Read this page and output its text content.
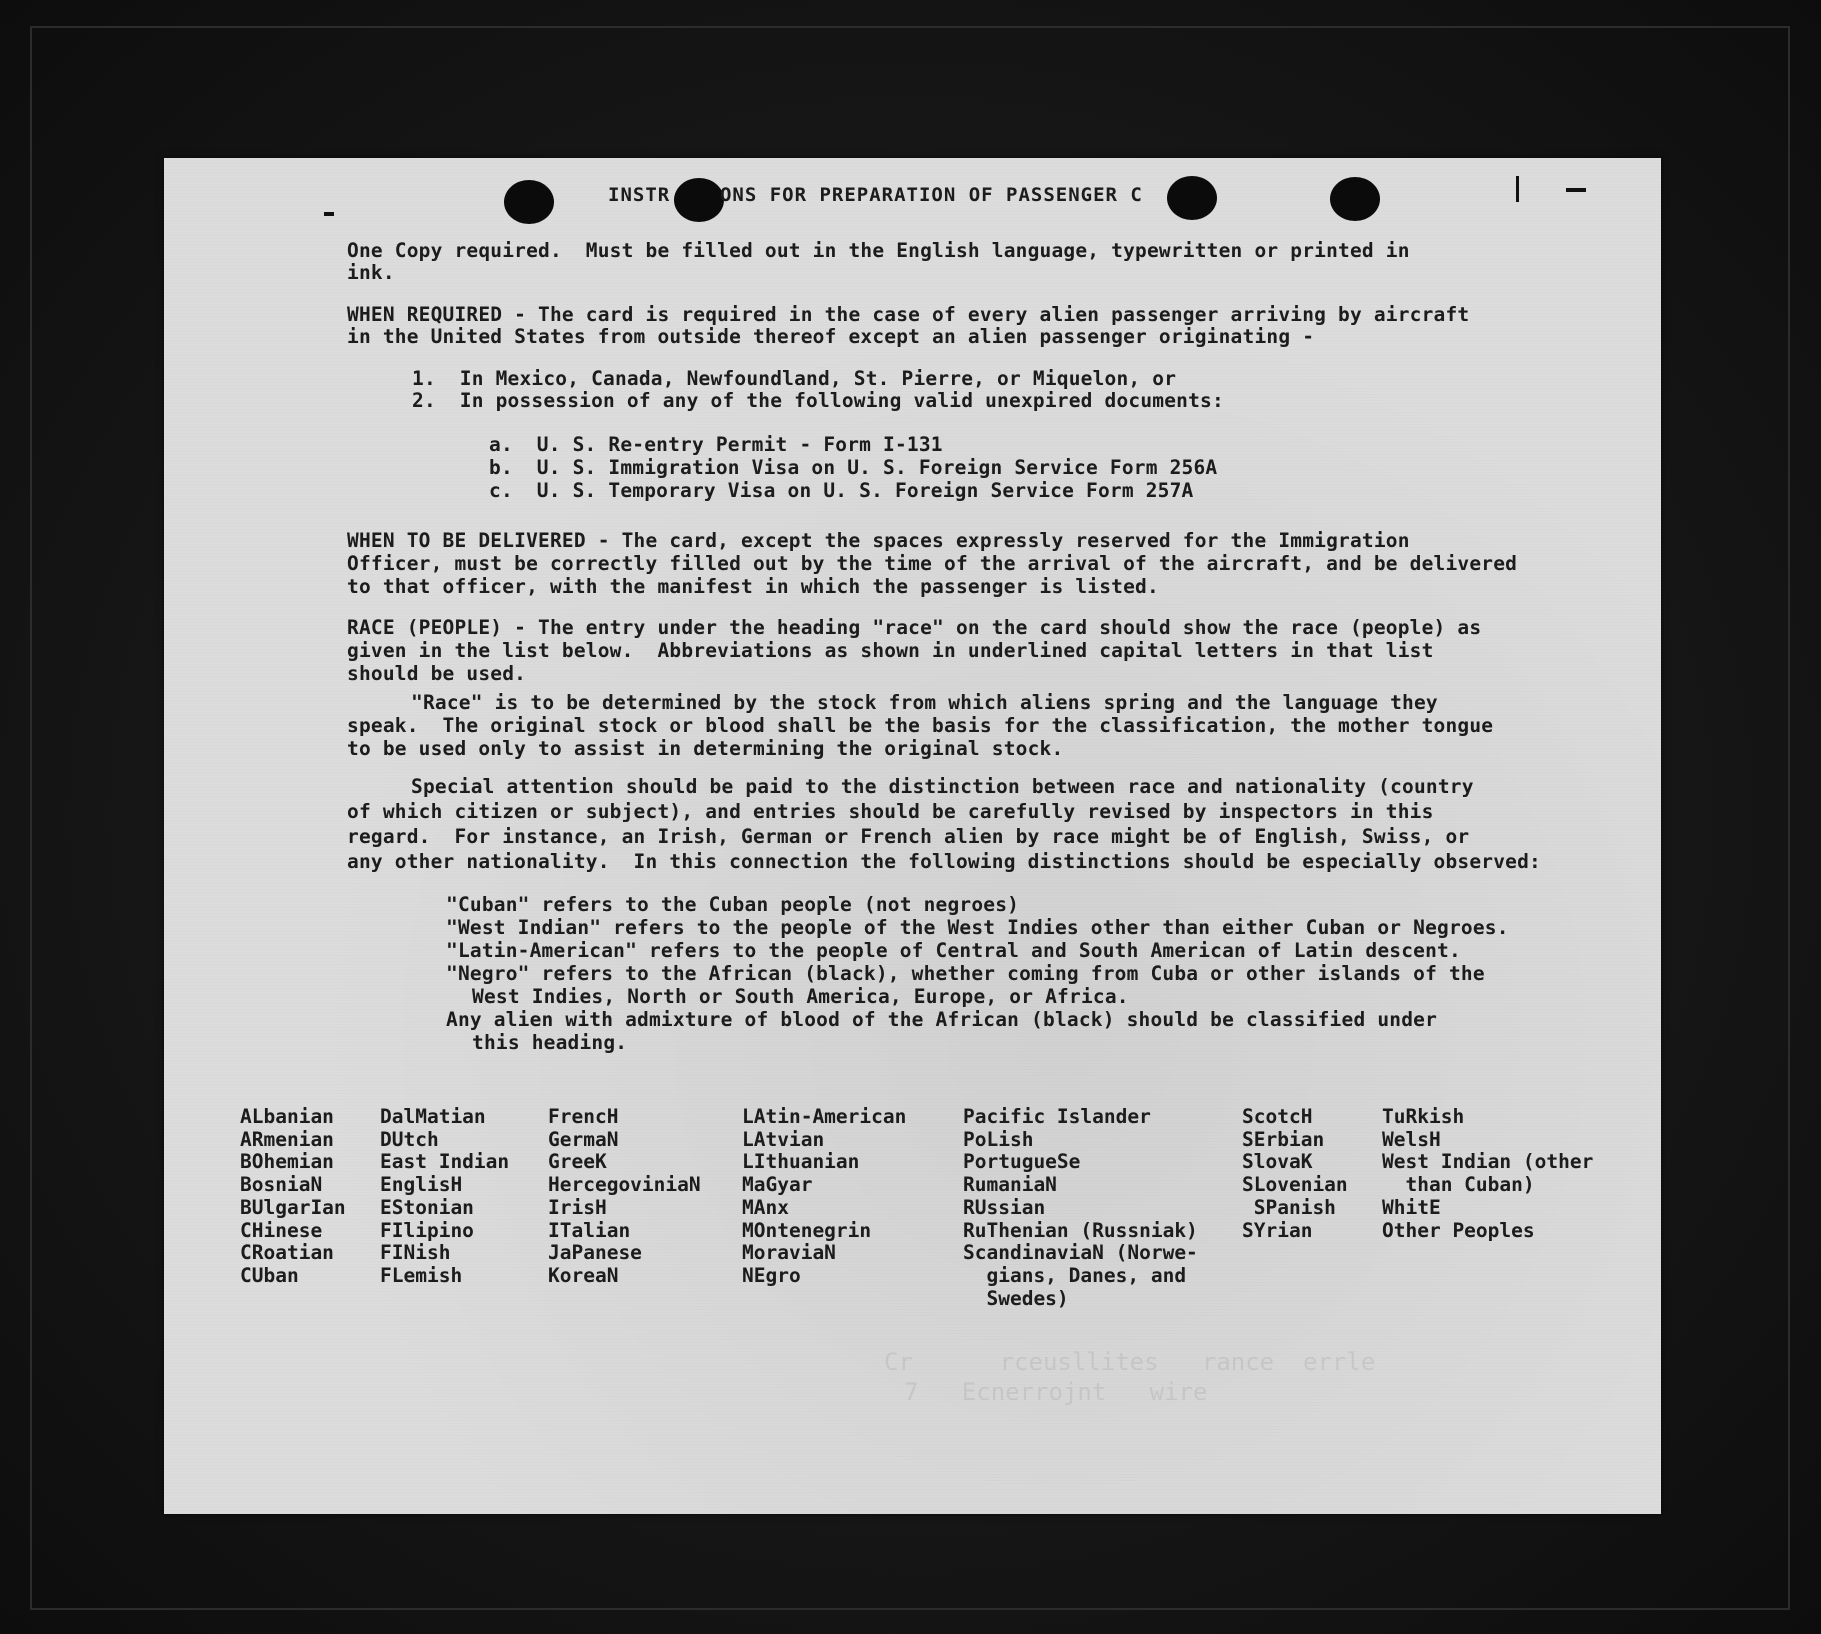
Cr      rceusllites   rance  errle
7   Ecnerrojnt   wire
INSTR    ONS FOR PREPARATION OF PASSENGER C
One Copy required.  Must be filled out in the English language, typewritten or printed in
ink.
WHEN REQUIRED - The card is required in the case of every alien passenger arriving by aircraft
in the United States from outside thereof except an alien passenger originating -
1.  In Mexico, Canada, Newfoundland, St. Pierre, or Miquelon, or
2.  In possession of any of the following valid unexpired documents:
a.  U. S. Re-entry Permit - Form I-131
b.  U. S. Immigration Visa on U. S. Foreign Service Form 256A
c.  U. S. Temporary Visa on U. S. Foreign Service Form 257A
WHEN TO BE DELIVERED - The card, except the spaces expressly reserved for the Immigration
Officer, must be correctly filled out by the time of the arrival of the aircraft, and be delivered
to that officer, with the manifest in which the passenger is listed.
RACE (PEOPLE) - The entry under the heading "race" on the card should show the race (people) as
given in the list below.  Abbreviations as shown in underlined capital letters in that list
should be used.
"Race" is to be determined by the stock from which aliens spring and the language they
speak.  The original stock or blood shall be the basis for the classification, the mother tongue
to be used only to assist in determining the original stock.
Special attention should be paid to the distinction between race and nationality (country
of which citizen or subject), and entries should be carefully revised by inspectors in this
regard.  For instance, an Irish, German or French alien by race might be of English, Swiss, or
any other nationality.  In this connection the following distinctions should be especially observed:
"Cuban" refers to the Cuban people (not negroes)
"West Indian" refers to the people of the West Indies other than either Cuban or Negroes.
"Latin-American" refers to the people of Central and South American of Latin descent.
"Negro" refers to the African (black), whether coming from Cuba or other islands of the
West Indies, North or South America, Europe, or Africa.
Any alien with admixture of blood of the African (black) should be classified under
this heading.
ALbanian
ARmenian
BOhemian
BosniaN
BUlgarIan
CHinese
CRoatian
CUban
DalMatian
DUtch
East Indian
EnglisH
EStonian
FIlipino
FINish
FLemish
FrencH
GermaN
GreeK
HercegoviniaN
IrisH
ITalian
JaPanese
KoreaN
LAtin-American
LAtvian
LIthuanian
MaGyar
MAnx
MOntenegrin
MoraviaN
NEgro
Pacific Islander
PoLish
PortugueSe
RumaniaN
RUssian
RuThenian (Russniak)
ScandinaviaN (Norwe-
gians, Danes, and
Swedes)
ScotcH
SErbian
SlovaK
SLovenian
SPanish
SYrian
TuRkish
WelsH
West Indian (other
than Cuban)
WhitE
Other Peoples
